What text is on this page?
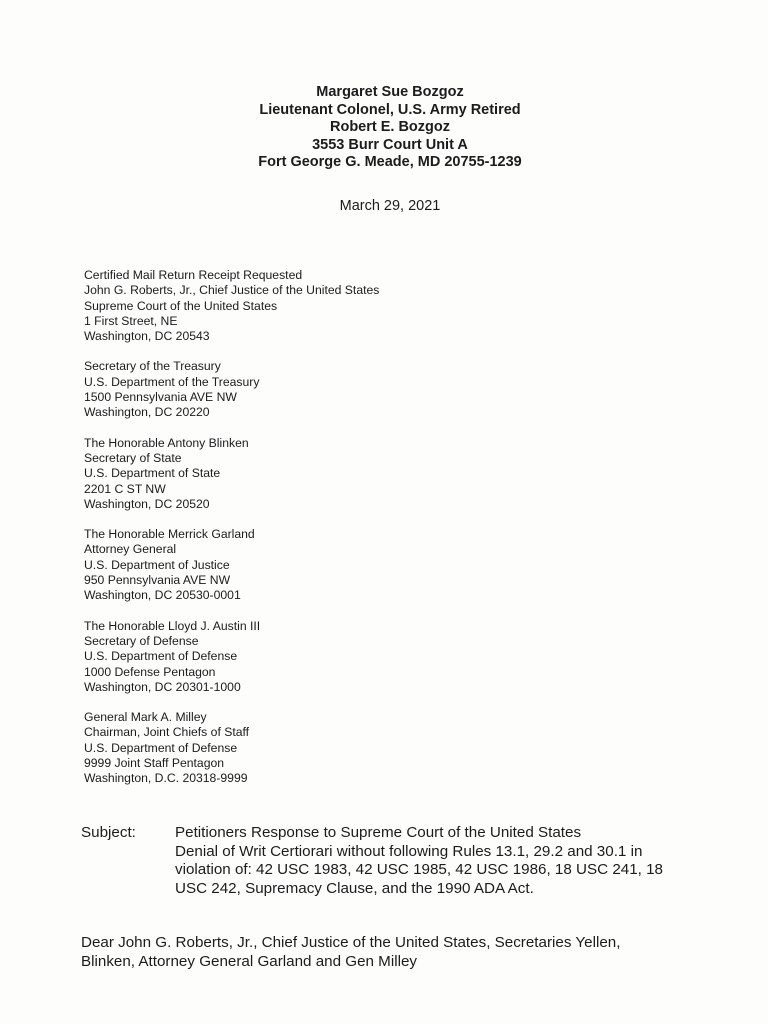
Margaret Sue Bozgoz
Lieutenant Colonel, U.S. Army Retired
Robert E. Bozgoz
3553 Burr Court Unit A
Fort George G. Meade, MD 20755-1239
March 29, 2021
Certified Mail Return Receipt Requested
John G. Roberts, Jr., Chief Justice of the United States
Supreme Court of the United States
1 First Street, NE
Washington, DC 20543
Secretary of the Treasury
U.S. Department of the Treasury
1500 Pennsylvania AVE NW
Washington, DC 20220
The Honorable Antony Blinken
Secretary of State
U.S. Department of State
2201 C ST NW
Washington, DC 20520
The Honorable Merrick Garland
Attorney General
U.S. Department of Justice
950 Pennsylvania AVE NW
Washington, DC 20530-0001
The Honorable Lloyd J. Austin III
Secretary of Defense
U.S. Department of Defense
1000 Defense Pentagon
Washington, DC 20301-1000
General Mark A. Milley
Chairman, Joint Chiefs of Staff
U.S. Department of Defense
9999 Joint Staff Pentagon
Washington, D.C. 20318-9999
Subject:	Petitioners Response to Supreme Court of the United States
Denial of Writ Certiorari without following Rules 13.1, 29.2 and 30.1 in
violation of: 42 USC 1983, 42 USC 1985, 42 USC 1986, 18 USC 241, 18
USC 242, Supremacy Clause, and the 1990 ADA Act.
Dear John G. Roberts, Jr., Chief Justice of the United States, Secretaries Yellen,
Blinken, Attorney General Garland and Gen Milley
